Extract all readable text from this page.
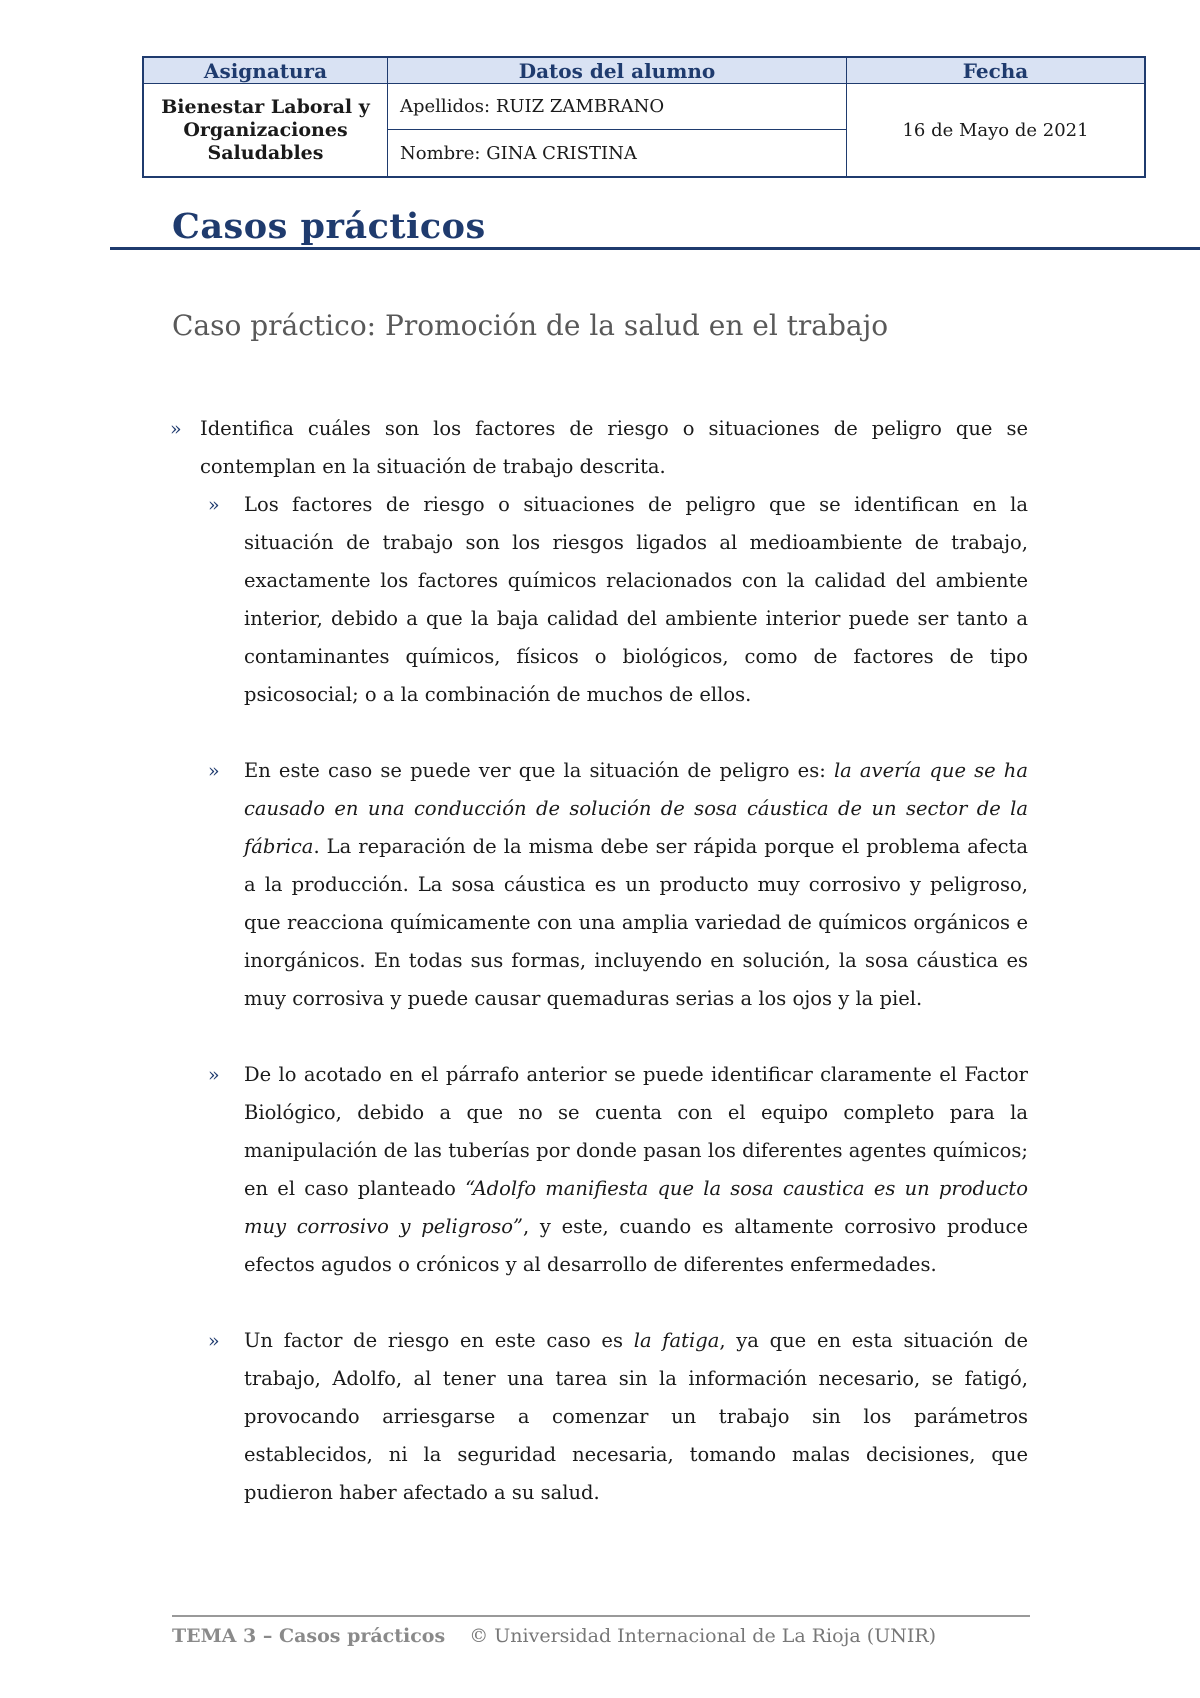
Asignatura	Datos del alumno	Fecha
Bienestar Laboral y Organizaciones Saludables
Apellidos: RUIZ ZAMBRANO
Nombre: GINA CRISTINA
16 de Mayo de 2021
Casos prácticos
Caso práctico: Promoción de la salud en el trabajo
» Identifica cuáles son los factores de riesgo o situaciones de peligro que se contemplan en la situación de trabajo descrita.
» Los factores de riesgo o situaciones de peligro que se identifican en la situación de trabajo son los riesgos ligados al medioambiente de trabajo, exactamente los factores químicos relacionados con la calidad del ambiente interior, debido a que la baja calidad del ambiente interior puede ser tanto a contaminantes químicos, físicos o biológicos, como de factores de tipo psicosocial; o a la combinación de muchos de ellos.
» En este caso se puede ver que la situación de peligro es: la avería que se ha causado en una conducción de solución de sosa cáustica de un sector de la fábrica. La reparación de la misma debe ser rápida porque el problema afecta a la producción. La sosa cáustica es un producto muy corrosivo y peligroso, que reacciona químicamente con una amplia variedad de químicos orgánicos e inorgánicos. En todas sus formas, incluyendo en solución, la sosa cáustica es muy corrosiva y puede causar quemaduras serias a los ojos y la piel.
» De lo acotado en el párrafo anterior se puede identificar claramente el Factor Biológico, debido a que no se cuenta con el equipo completo para la manipulación de las tuberías por donde pasan los diferentes agentes químicos; en el caso planteado “Adolfo manifiesta que la sosa caustica es un producto muy corrosivo y peligroso”, y este, cuando es altamente corrosivo produce efectos agudos o crónicos y al desarrollo de diferentes enfermedades.
» Un factor de riesgo en este caso es la fatiga, ya que en esta situación de trabajo, Adolfo, al tener una tarea sin la información necesario, se fatigó, provocando arriesgarse a comenzar un trabajo sin los parámetros establecidos, ni la seguridad necesaria, tomando malas decisiones, que pudieron haber afectado a su salud.
TEMA 3 – Casos prácticos © Universidad Internacional de La Rioja (UNIR)
